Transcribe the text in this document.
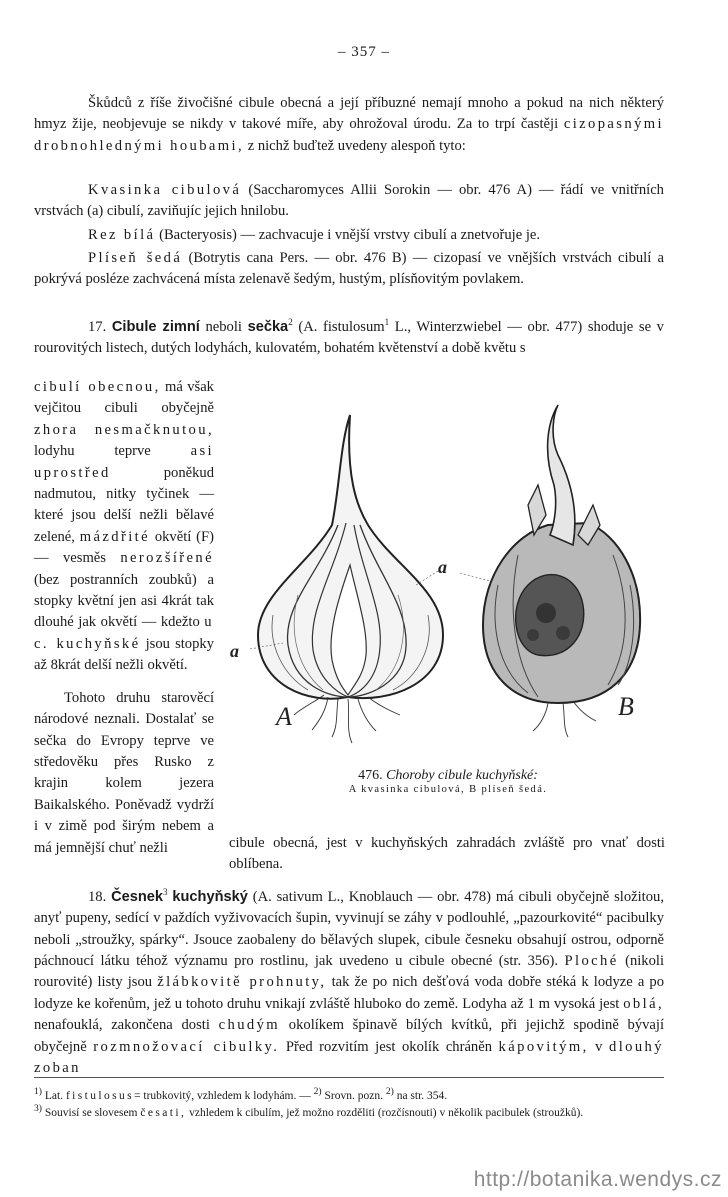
– 357 –
Škůdců z říše živočišné cibule obecná a její příbuzné nemají mnoho a pokud na nich některý hmyz žije, neobjevuje se nikdy v takové míře, aby ohrožoval úrodu. Za to trpí častěji cizopasnými drobnohlednými houbami, z nichž buďtež uvedeny alespoň tyto:
Kvasinka cibulová (Saccharomyces Allii Sorokin — obr. 476 A) — řádí ve vnitřních vrstvách (a) cibulí, zaviňujíc jejich hnilobu.
Rez bílá (Bacteryosis) — zachvacuje i vnější vrstvy cibulí a znetvořuje je.
Plíseň šedá (Botrytis cana Pers. — obr. 476 B) — cizopasí ve vnějších vrstvách cibulí a pokrývá posléze zachvácená místa zelenavě šedým, hustým, plísňovitým povlakem.
17. Cibule zimní neboli sečka$^2$ (A. fistulosum$^1$ L., Winterzwiebel — obr. 477) shoduje se v rourovitých listech, dutých lodyhách, kulovatém, bohatém květenství a době květu s

cibulí obecnou, má však vejčitou cibuli obyčejně zhora nesmačknutou, lodyhu teprve asi uprostřed poněkud nadmutou, nitky tyčinek — které jsou delší nežli bělavé zelené, mázdřité okvětí (F) — vesměs nerozšířené (bez postranních zoubků) a stopky květní jen asi 4krát tak dlouhé jak okvětí — kdežto u c. kuchyňské jsou stopky až 8krát delší nežli okvětí.

Tohoto druhu starověcí národové neznali. Dostalať se sečka do Evropy teprve ve středověku přes Rusko z krajin kolem jezera Baikalského. Poněvadž vydrží i v zimě pod širým nebem a má jemnější chuť nežli	cibule obecná, jest v kuchyňských zahradách zvláště pro vnať dosti oblíbena.
A	B
a
a
476. Choroby cibule kuchyňské:
A kvasinka cibulová, B plíseň šedá.
18. Česnek$^3$ kuchyňský (A. sativum L., Knoblauch — obr. 478) má cibuli obyčejně složitou, anyť pupeny, sedící v paždích vyživovacích šupin, vyvinují se záhy v podlouhlé, „pazourkovité“ pacibulky neboli „stroužky, spárky“. Jsouce zaobaleny do bělavých slupek, cibule česneku obsahují ostrou, odporně páchnoucí látku téhož významu pro rostlinu, jak uvedeno u cibule obecné (str. 356). Ploché (nikoli rourovité) listy jsou žlábkovitě prohnuty, tak že po nich dešťová voda dobře stéká k lodyze a po lodyze ke kořenům, jež u tohoto druhu vnikají zvláště hluboko do země. Lodyha až 1 m vysoká jest oblá, nenafouklá, zakončena dosti chudým okolíkem špinavě bílých kvítků, při jejichž spodině bývají obyčejně rozmnožovací cibulky. Před rozvitím jest okolík chráněn kápovitým, v dlouhý zoban
$^{1)}$ Lat. fistulosus= trubkovitý, vzhledem k lodyhám. — $^{2)}$ Srovn. pozn. $^{2)}$ na str. 354.
$^{3)}$ Souvisí se slovesem česati, vzhledem k cibulím, jež možno rozděliti (rozčísnouti) v několik pacibulek (stroužků).
http://botanika.wendys.cz
